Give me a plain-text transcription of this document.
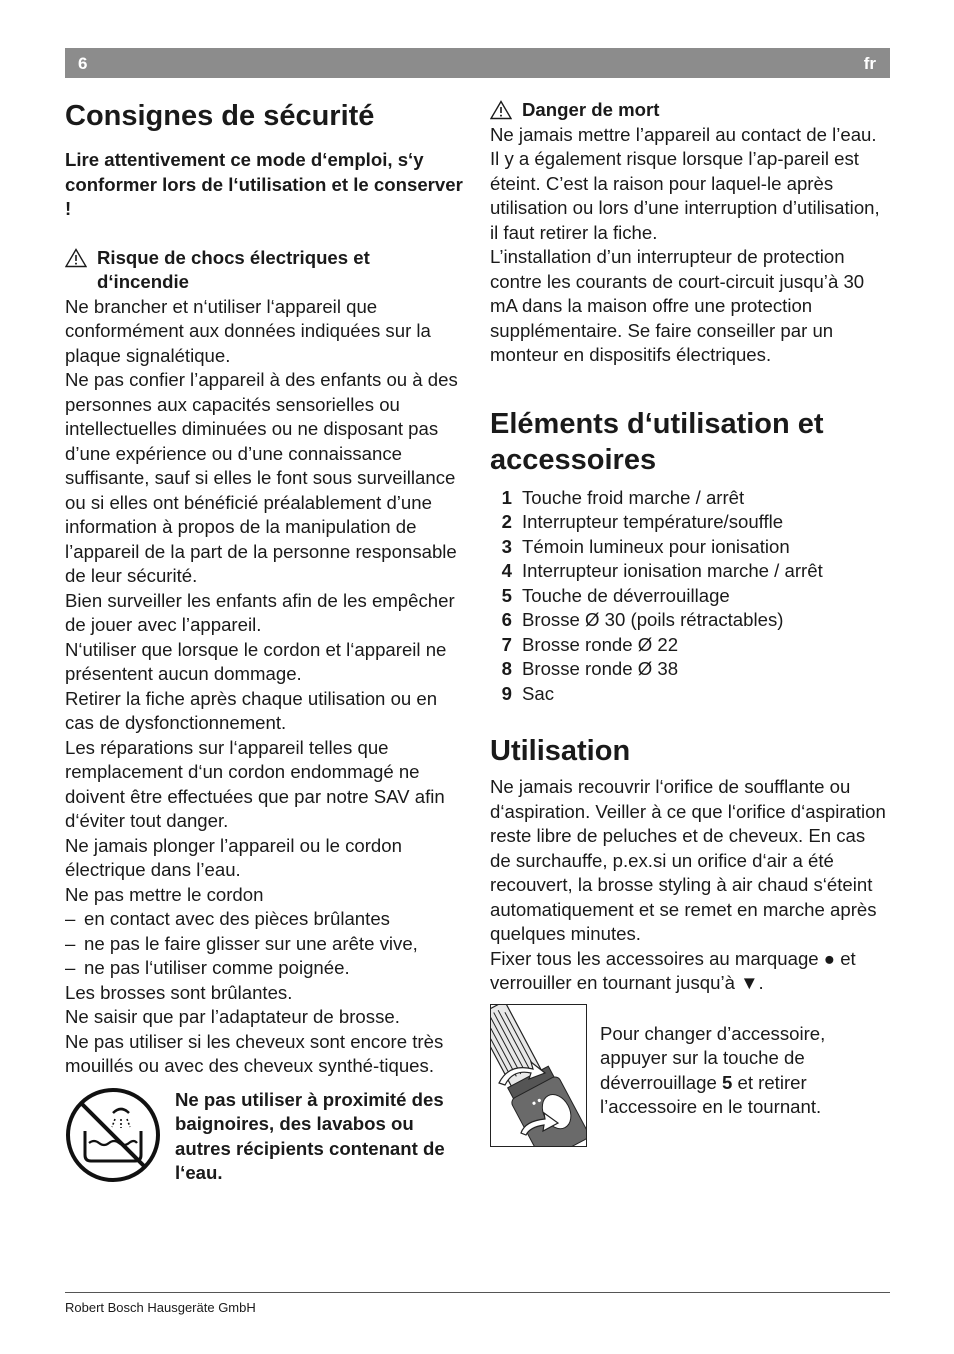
6	fr
Consignes de sécurité

Lire attentivement ce mode d‘emploi, s‘y conformer lors de l‘utilisation et le conserver !

Risque de chocs électriques et
d‘incendie

Ne brancher et n‘utiliser l‘appareil que conformément aux données indiquées sur la plaque signalétique.

Ne pas confier l’appareil à des enfants ou à des personnes aux capacités sensorielles ou intellectuelles diminuées ou ne disposant pas d’une expérience ou d’une connaissance suffisante, sauf si elles le font sous surveillance ou si elles ont bénéficié préalablement d’une information à propos de la manipulation de l’appareil de la part de la personne responsable de leur sécurité.

Bien surveiller les enfants afin de les empêcher de jouer avec l’appareil.

N‘utiliser que lorsque le cordon et l‘appareil ne présentent aucun dommage.

Retirer la fiche après chaque utilisation ou en cas de dysfonctionnement.

Les réparations sur l‘appareil telles que remplacement d‘un cordon endommagé ne doivent être effectuées que par notre SAV afin d‘éviter tout danger.

Ne jamais plonger l’appareil ou le cordon électrique dans l’eau.

Ne pas mettre le cordon

– en contact avec des pièces brûlantes
– ne pas le faire glisser sur une arête vive,
– ne pas l‘utiliser comme poignée.

Les brosses sont brûlantes.

Ne saisir que par l’adaptateur de brosse.

Ne pas utiliser si les cheveux sont encore très mouillés ou avec des cheveux synthé-tiques.

Ne pas utiliser à proximité des baignoires, des lavabos ou autres récipients contenant de l‘eau.
Danger de mort

Ne jamais mettre l’appareil au contact de l’eau. Il y a également risque lorsque l’ap-pareil est éteint. C’est la raison pour laquel-le après utilisation ou lors d’une interruption d’utilisation, il faut retirer la fiche.

L’installation d’un interrupteur de protection contre les courants de court-circuit jusqu’à 30 mA dans la maison offre une protection supplémentaire. Se faire conseiller par un monteur en dispositifs électriques.

Eléments d‘utilisation et accessoires
1 Touche froid marche / arrêt
2 Interrupteur température/souffle
3 Témoin lumineux pour ionisation
4 Interrupteur ionisation marche / arrêt
5 Touche de déverrouillage
6 Brosse Ø 30 (poils rétractables)
7 Brosse ronde Ø 22
8 Brosse ronde Ø 38
9 Sac
Utilisation

Ne jamais recouvrir l‘orifice de soufflante ou d‘aspiration. Veiller à ce que l‘orifice d‘aspiration reste libre de peluches et de cheveux. En cas de surchauffe, p.ex.si un orifice d‘air a été recouvert, la brosse styling à air chaud s‘éteint automatiquement et se remet en marche après quelques minutes.

Fixer tous les accessoires au marquage ● et verrouiller en tournant jusqu’à ▼.

Pour changer d’accessoire, appuyer sur la touche de déverrouillage 5 et retirer l’accessoire en le tournant.
Robert Bosch Hausgeräte GmbH
